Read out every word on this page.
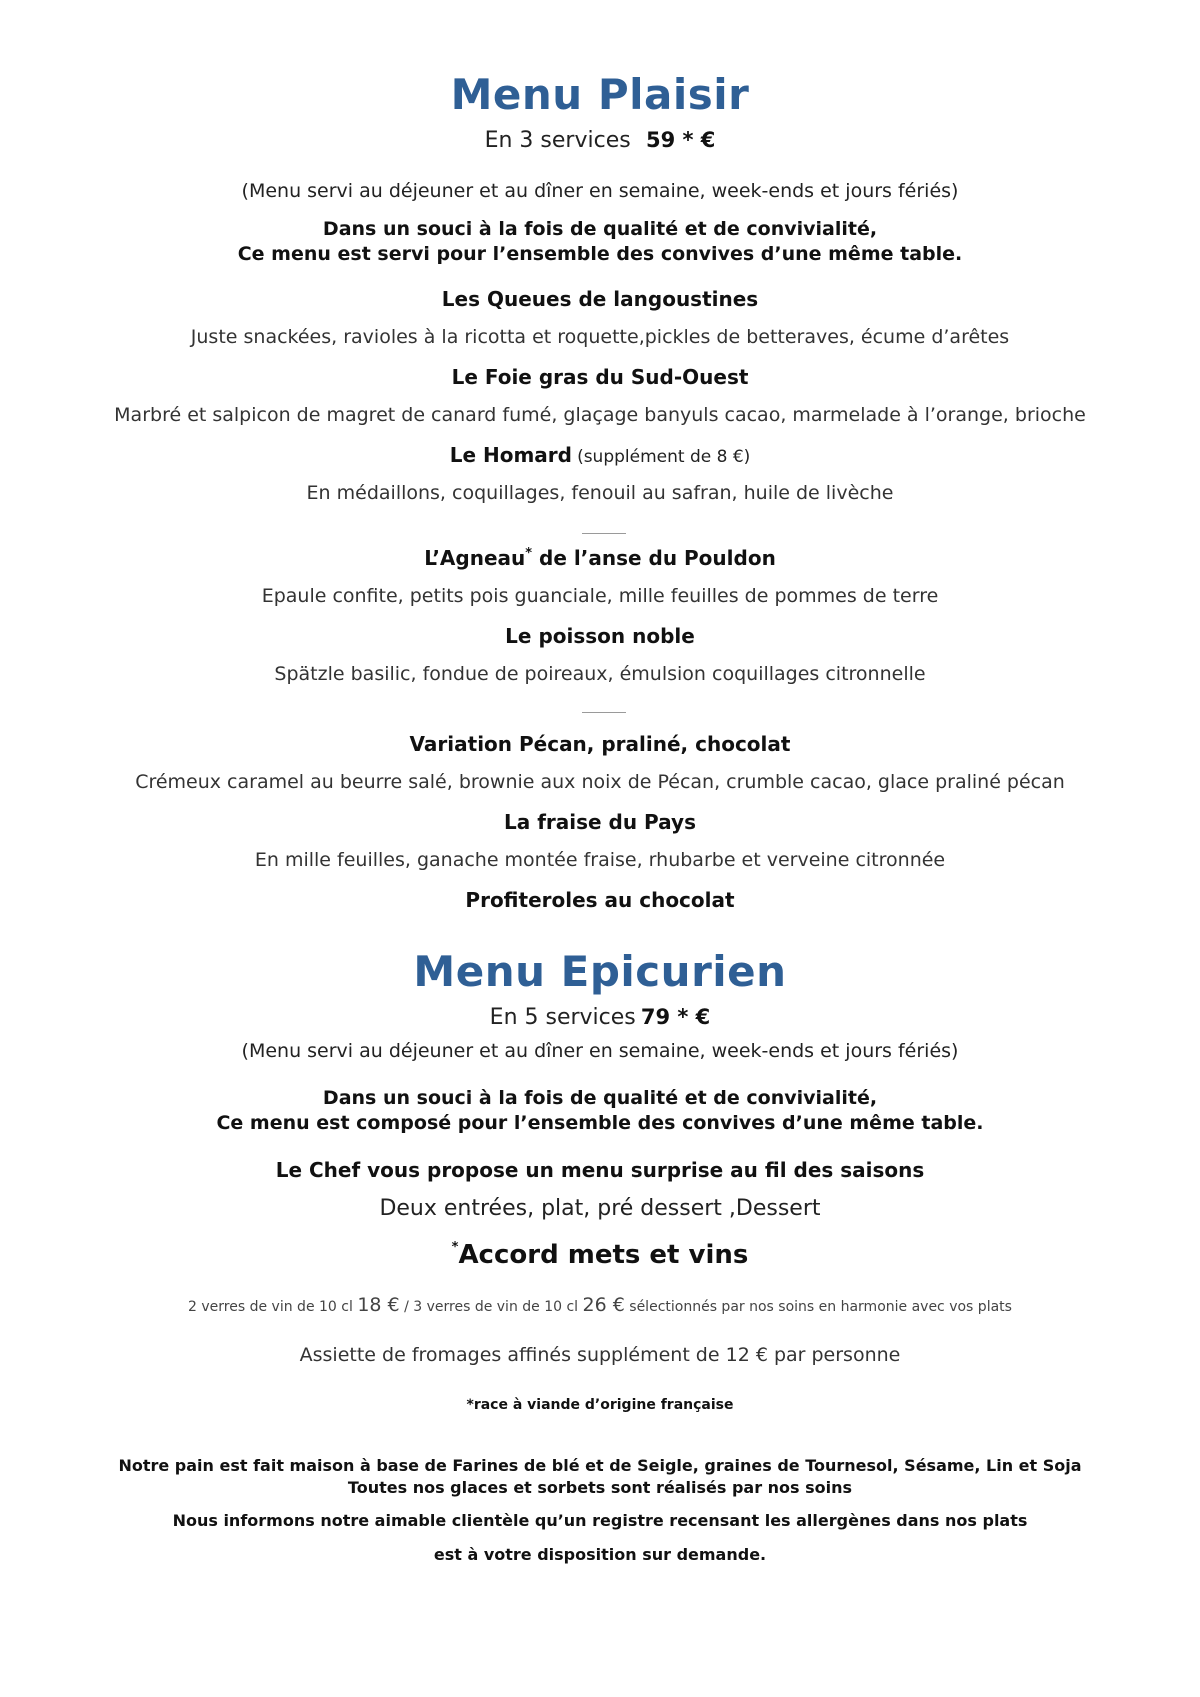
Menu Plaisir
En 3 services 59 * €
(Menu servi au déjeuner et au dîner en semaine, week-ends et jours fériés)
Dans un souci à la fois de qualité et de convivialité,
Ce menu est servi pour l’ensemble des convives d’une même table.
Les Queues de langoustines
Juste snackées, ravioles à la ricotta et roquette,pickles de betteraves, écume d’arêtes
Le Foie gras du Sud-Ouest
Marbré et salpicon de magret de canard fumé, glaçage banyuls cacao, marmelade à l’orange, brioche
Le Homard (supplément de 8 €)
En médaillons, coquillages, fenouil au safran, huile de livèche
L’Agneau* de l’anse du Pouldon
Epaule confite, petits pois guanciale, mille feuilles de pommes de terre
Le poisson noble
Spätzle basilic, fondue de poireaux, émulsion coquillages citronnelle
Variation Pécan, praliné, chocolat
Crémeux caramel au beurre salé, brownie aux noix de Pécan, crumble cacao, glace praliné pécan
La fraise du Pays
En mille feuilles, ganache montée fraise, rhubarbe et verveine citronnée
Profiteroles au chocolat
Menu Epicurien
En 5 services 79 * €
(Menu servi au déjeuner et au dîner en semaine, week-ends et jours fériés)
Dans un souci à la fois de qualité et de convivialité,
Ce menu est composé pour l’ensemble des convives d’une même table.
Le Chef vous propose un menu surprise au fil des saisons
Deux entrées, plat, pré dessert ,Dessert
*Accord mets et vins
2 verres de vin de 10 cl 18 € / 3 verres de vin de 10 cl 26 € sélectionnés par nos soins en harmonie avec vos plats
Assiette de fromages affinés supplément de 12 € par personne
*race à viande d’origine française
Notre pain est fait maison à base de Farines de blé et de Seigle, graines de Tournesol, Sésame, Lin et Soja
Toutes nos glaces et sorbets sont réalisés par nos soins
Nous informons notre aimable clientèle qu’un registre recensant les allergènes dans nos plats
est à votre disposition sur demande.
